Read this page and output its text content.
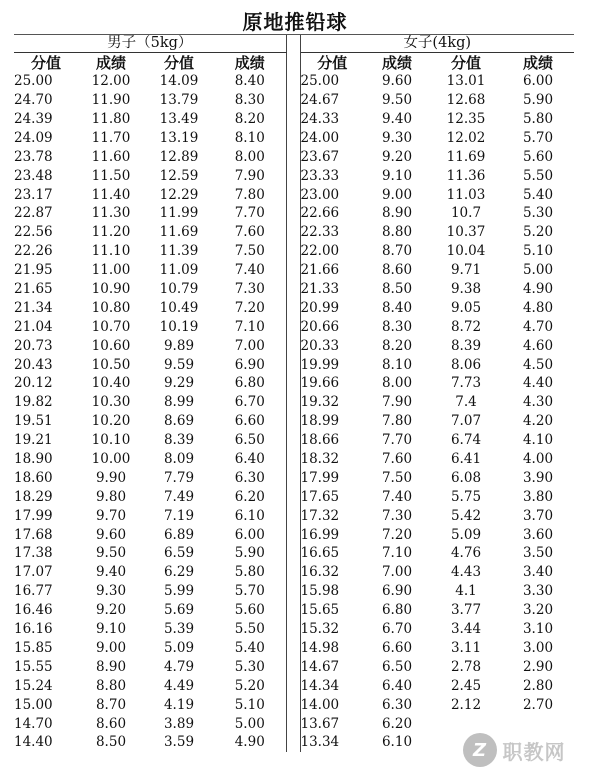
原地推铅球
男子（5kg）					女子(4kg)			
分值	成绩	分值	成绩		分值	成绩	分值	成绩
25.00	12.00	14.09	8.40		25.00	9.60	13.01	6.00
24.70	11.90	13.79	8.30		24.67	9.50	12.68	5.90
24.39	11.80	13.49	8.20		24.33	9.40	12.35	5.80
24.09	11.70	13.19	8.10		24.00	9.30	12.02	5.70
23.78	11.60	12.89	8.00		23.67	9.20	11.69	5.60
23.48	11.50	12.59	7.90		23.33	9.10	11.36	5.50
23.17	11.40	12.29	7.80		23.00	9.00	11.03	5.40
22.87	11.30	11.99	7.70		22.66	8.90	10.7	5.30
22.56	11.20	11.69	7.60		22.33	8.80	10.37	5.20
22.26	11.10	11.39	7.50		22.00	8.70	10.04	5.10
21.95	11.00	11.09	7.40		21.66	8.60	9.71	5.00
21.65	10.90	10.79	7.30		21.33	8.50	9.38	4.90
21.34	10.80	10.49	7.20		20.99	8.40	9.05	4.80
21.04	10.70	10.19	7.10		20.66	8.30	8.72	4.70
20.73	10.60	9.89	7.00		20.33	8.20	8.39	4.60
20.43	10.50	9.59	6.90		19.99	8.10	8.06	4.50
20.12	10.40	9.29	6.80		19.66	8.00	7.73	4.40
19.82	10.30	8.99	6.70		19.32	7.90	7.4	4.30
19.51	10.20	8.69	6.60		18.99	7.80	7.07	4.20
19.21	10.10	8.39	6.50		18.66	7.70	6.74	4.10
18.90	10.00	8.09	6.40		18.32	7.60	6.41	4.00
18.60	9.90	7.79	6.30		17.99	7.50	6.08	3.90
18.29	9.80	7.49	6.20		17.65	7.40	5.75	3.80
17.99	9.70	7.19	6.10		17.32	7.30	5.42	3.70
17.68	9.60	6.89	6.00		16.99	7.20	5.09	3.60
17.38	9.50	6.59	5.90		16.65	7.10	4.76	3.50
17.07	9.40	6.29	5.80		16.32	7.00	4.43	3.40
16.77	9.30	5.99	5.70		15.98	6.90	4.1	3.30
16.46	9.20	5.69	5.60		15.65	6.80	3.77	3.20
16.16	9.10	5.39	5.50		15.32	6.70	3.44	3.10
15.85	9.00	5.09	5.40		14.98	6.60	3.11	3.00
15.55	8.90	4.79	5.30		14.67	6.50	2.78	2.90
15.24	8.80	4.49	5.20		14.34	6.40	2.45	2.80
15.00	8.70	4.19	5.10		14.00	6.30	2.12	2.70
14.70	8.60	3.89	5.00		13.67	6.20		
14.40	8.50	3.59	4.90		13.34	6.10			Z 职教网
